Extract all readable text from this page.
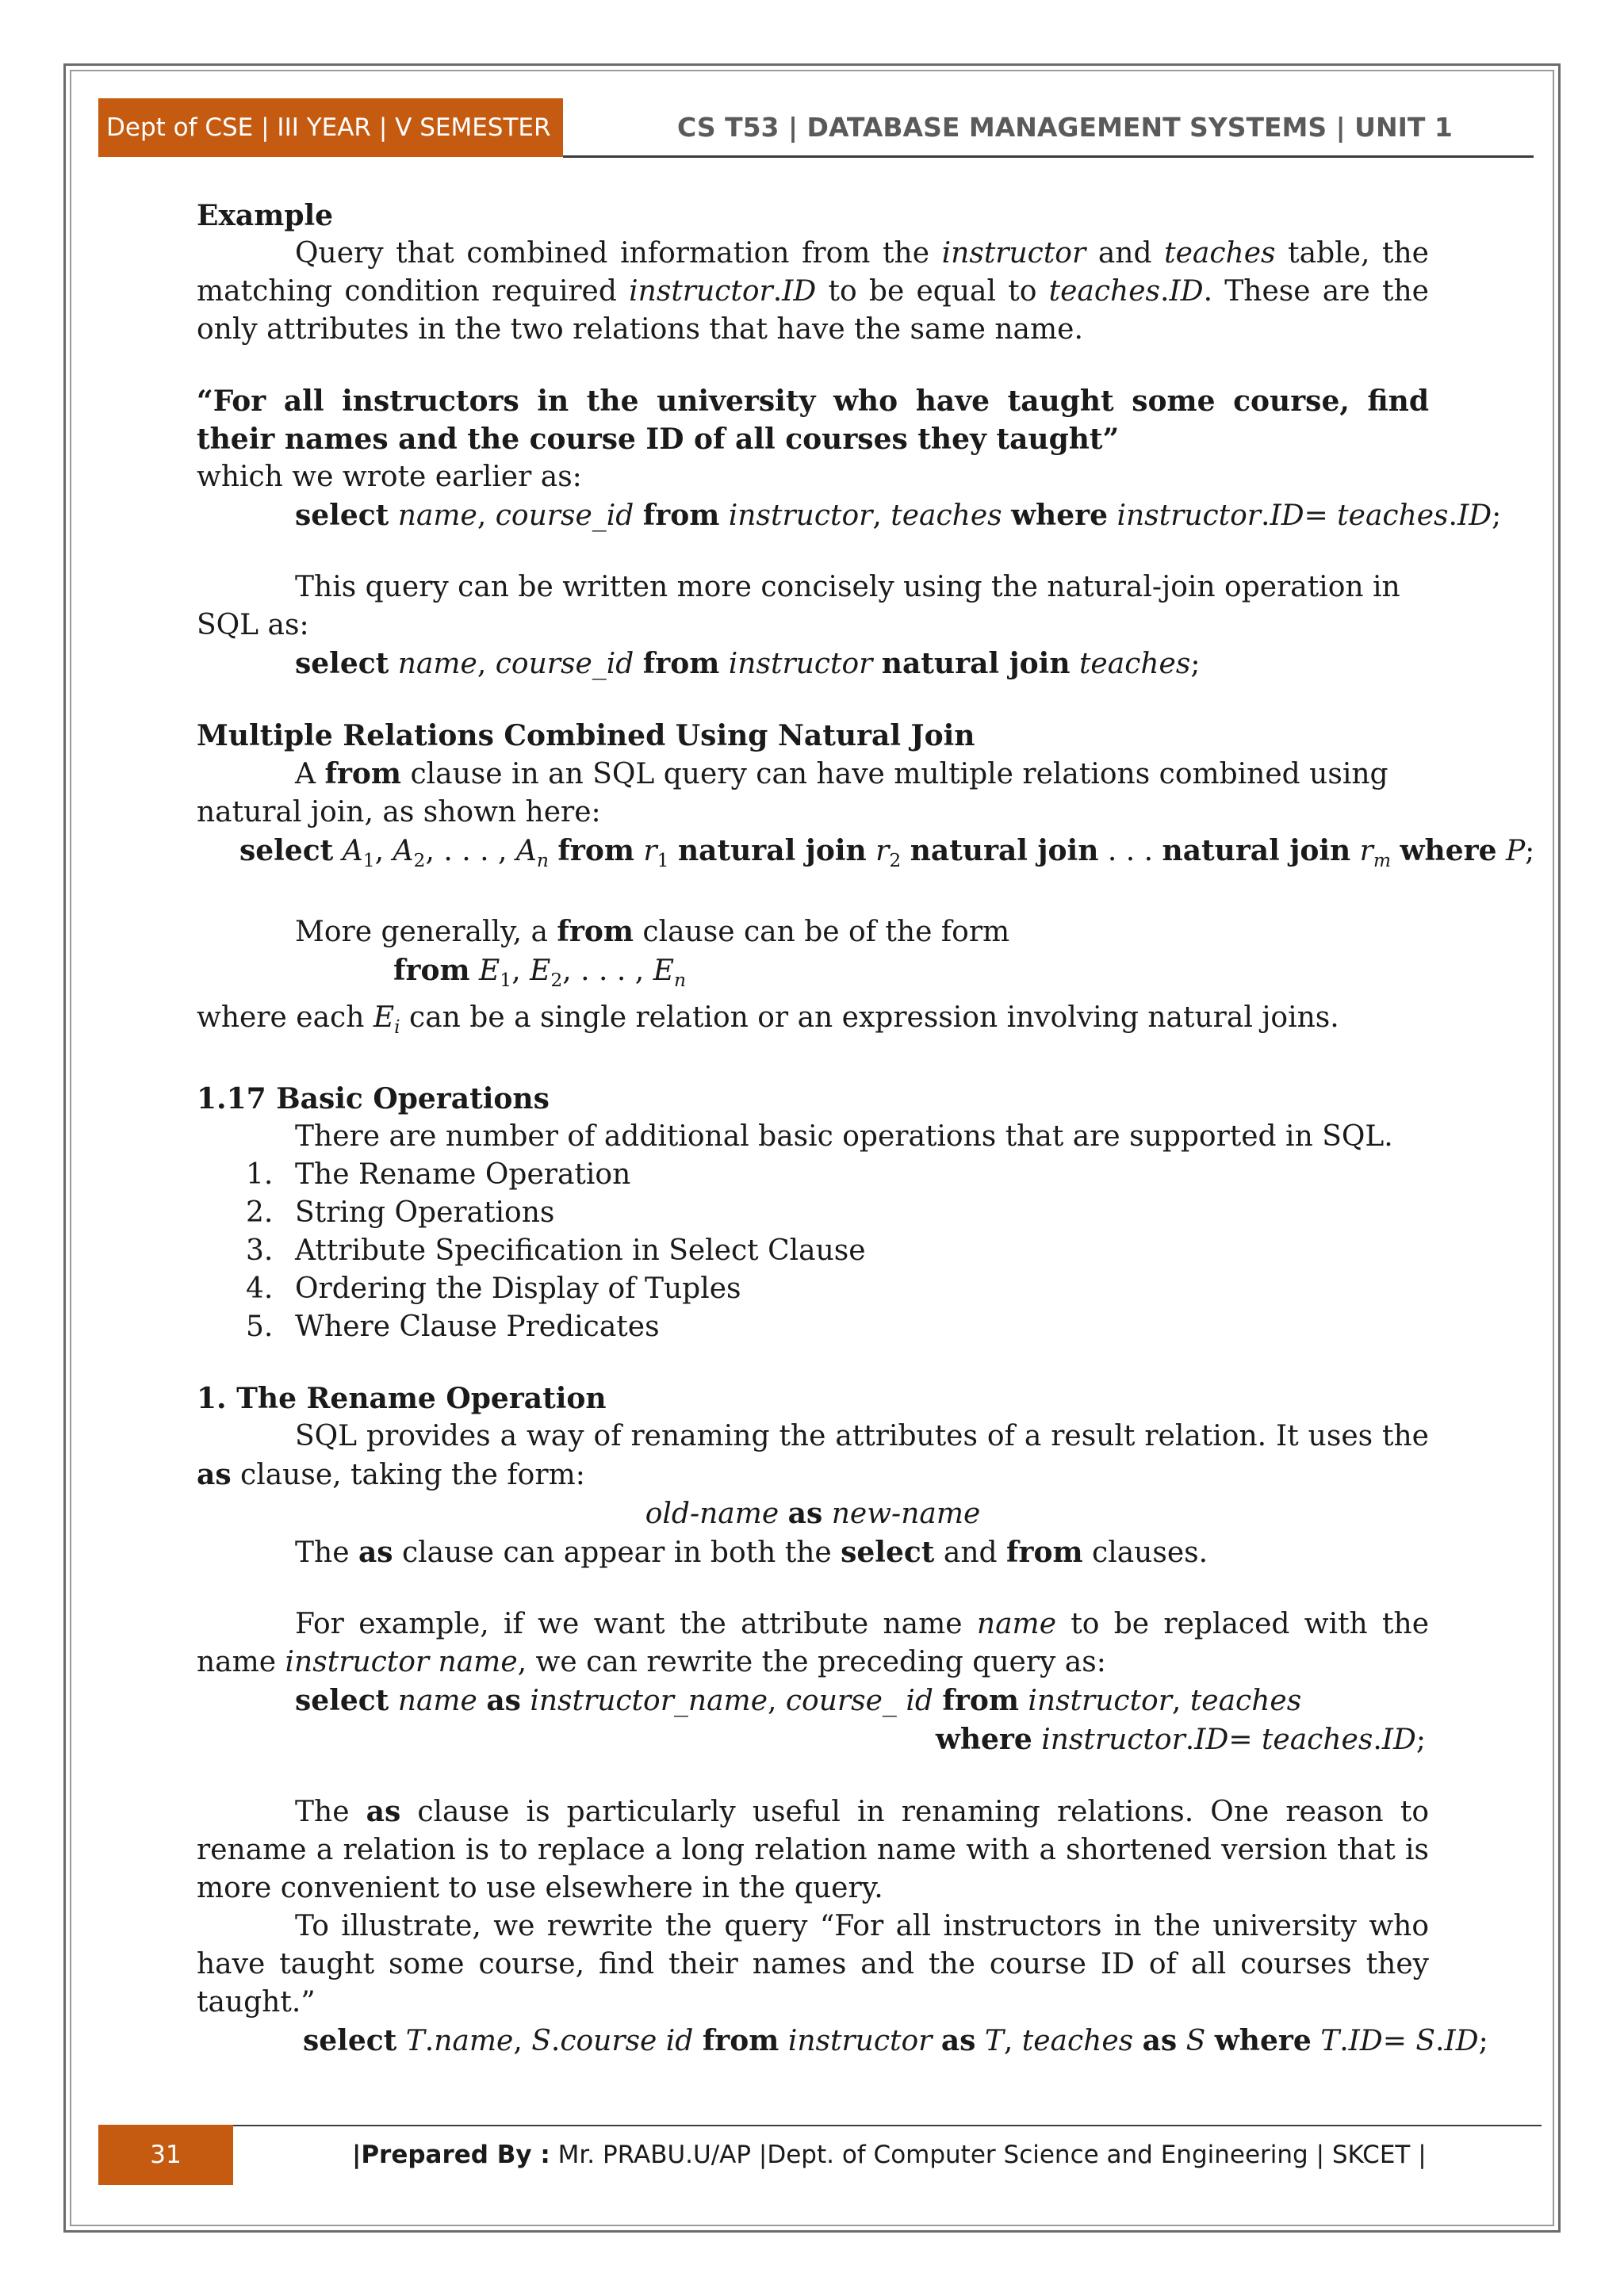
Dept of CSE | III YEAR | V SEMESTER	CS T53 | DATABASE MANAGEMENT SYSTEMS | UNIT 1

Example

Query that combined information from the instructor and teaches table, the matching condition required instructor.ID to be equal to teaches.ID. These are the only attributes in the two relations that have the same name.

“For all instructors in the university who have taught some course, find their names and the course ID of all courses they taught”

which we wrote earlier as:

select name, course_id from instructor, teaches where instructor.ID= teaches.ID;

This query can be written more concisely using the natural-join operation in SQL as:

select name, course_id from instructor natural join teaches;

Multiple Relations Combined Using Natural Join

A from clause in an SQL query can have multiple relations combined using natural join, as shown here:

select $A_1$, $A_2$, . . . , $A_n$ from $r_1$ natural join $r_2$ natural join . . . natural join $r_m$ where P;

More generally, a from clause can be of the form

from $E_1$, $E_2$, . . . , $E_n$

where each $E_i$ can be a single relation or an expression involving natural joins.

1.17 Basic Operations

There are number of additional basic operations that are supported in SQL.

1. The Rename Operation
2. String Operations
3. Attribute Specification in Select Clause
4. Ordering the Display of Tuples
5. Where Clause Predicates

1. The Rename Operation

SQL provides a way of renaming the attributes of a result relation. It uses the as clause, taking the form:

old-name as new-name

The as clause can appear in both the select and from clauses.

For example, if we want the attribute name name to be replaced with the name instructor name, we can rewrite the preceding query as:

select name as instructor_name, course_ id from instructor, teaches

where instructor.ID= teaches.ID;

The as clause is particularly useful in renaming relations. One reason to rename a relation is to replace a long relation name with a shortened version that is more convenient to use elsewhere in the query.

To illustrate, we rewrite the query “For all instructors in the university who have taught some course, find their names and the course ID of all courses they taught.”

select T.name, S.course id from instructor as T, teaches as S where T.ID= S.ID;

31	|Prepared By : Mr. PRABU.U/AP |Dept. of Computer Science and Engineering | SKCET |
